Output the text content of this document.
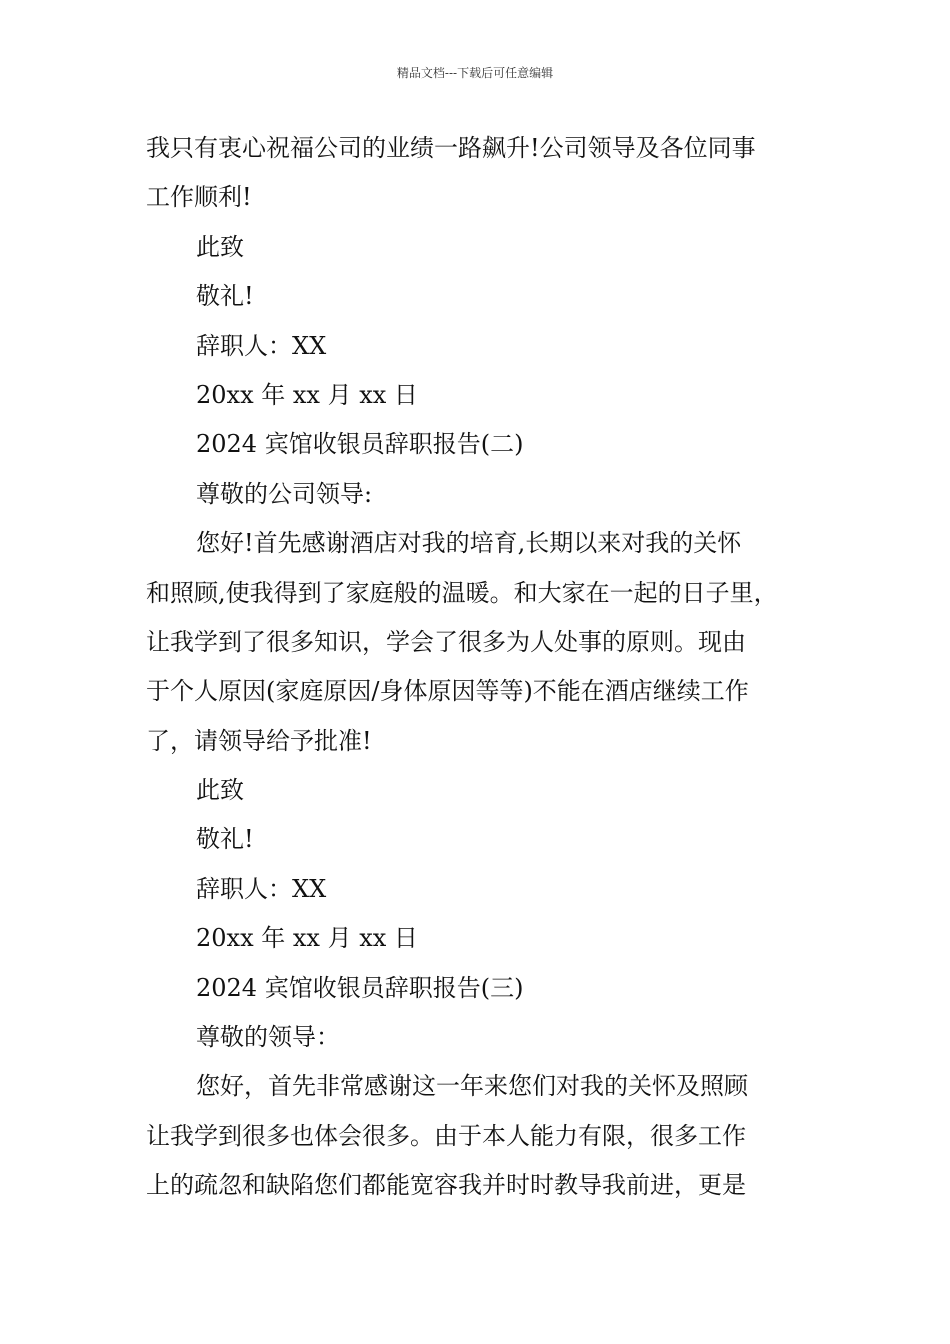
精品文档---下载后可任意编辑
我只有衷心祝福公司的业绩一路飙升!公司领导及各位同事
工作顺利!
此致
敬礼!
辞职人：XX
20xx 年 xx 月 xx 日
2024 宾馆收银员辞职报告(二)
尊敬的公司领导:
您好!首先感谢酒店对我的培育,长期以来对我的关怀
和照顾,使我得到了家庭般的温暖。和大家在一起的日子里，
让我学到了很多知识，学会了很多为人处事的原则。现由
于个人原因(家庭原因/身体原因等等)不能在酒店继续工作
了，请领导给予批准!
此致
敬礼!
辞职人：XX
20xx 年 xx 月 xx 日
2024 宾馆收银员辞职报告(三)
尊敬的领导：
您好，首先非常感谢这一年来您们对我的关怀及照顾
让我学到很多也体会很多。由于本人能力有限，很多工作
上的疏忽和缺陷您们都能宽容我并时时教导我前进，更是
